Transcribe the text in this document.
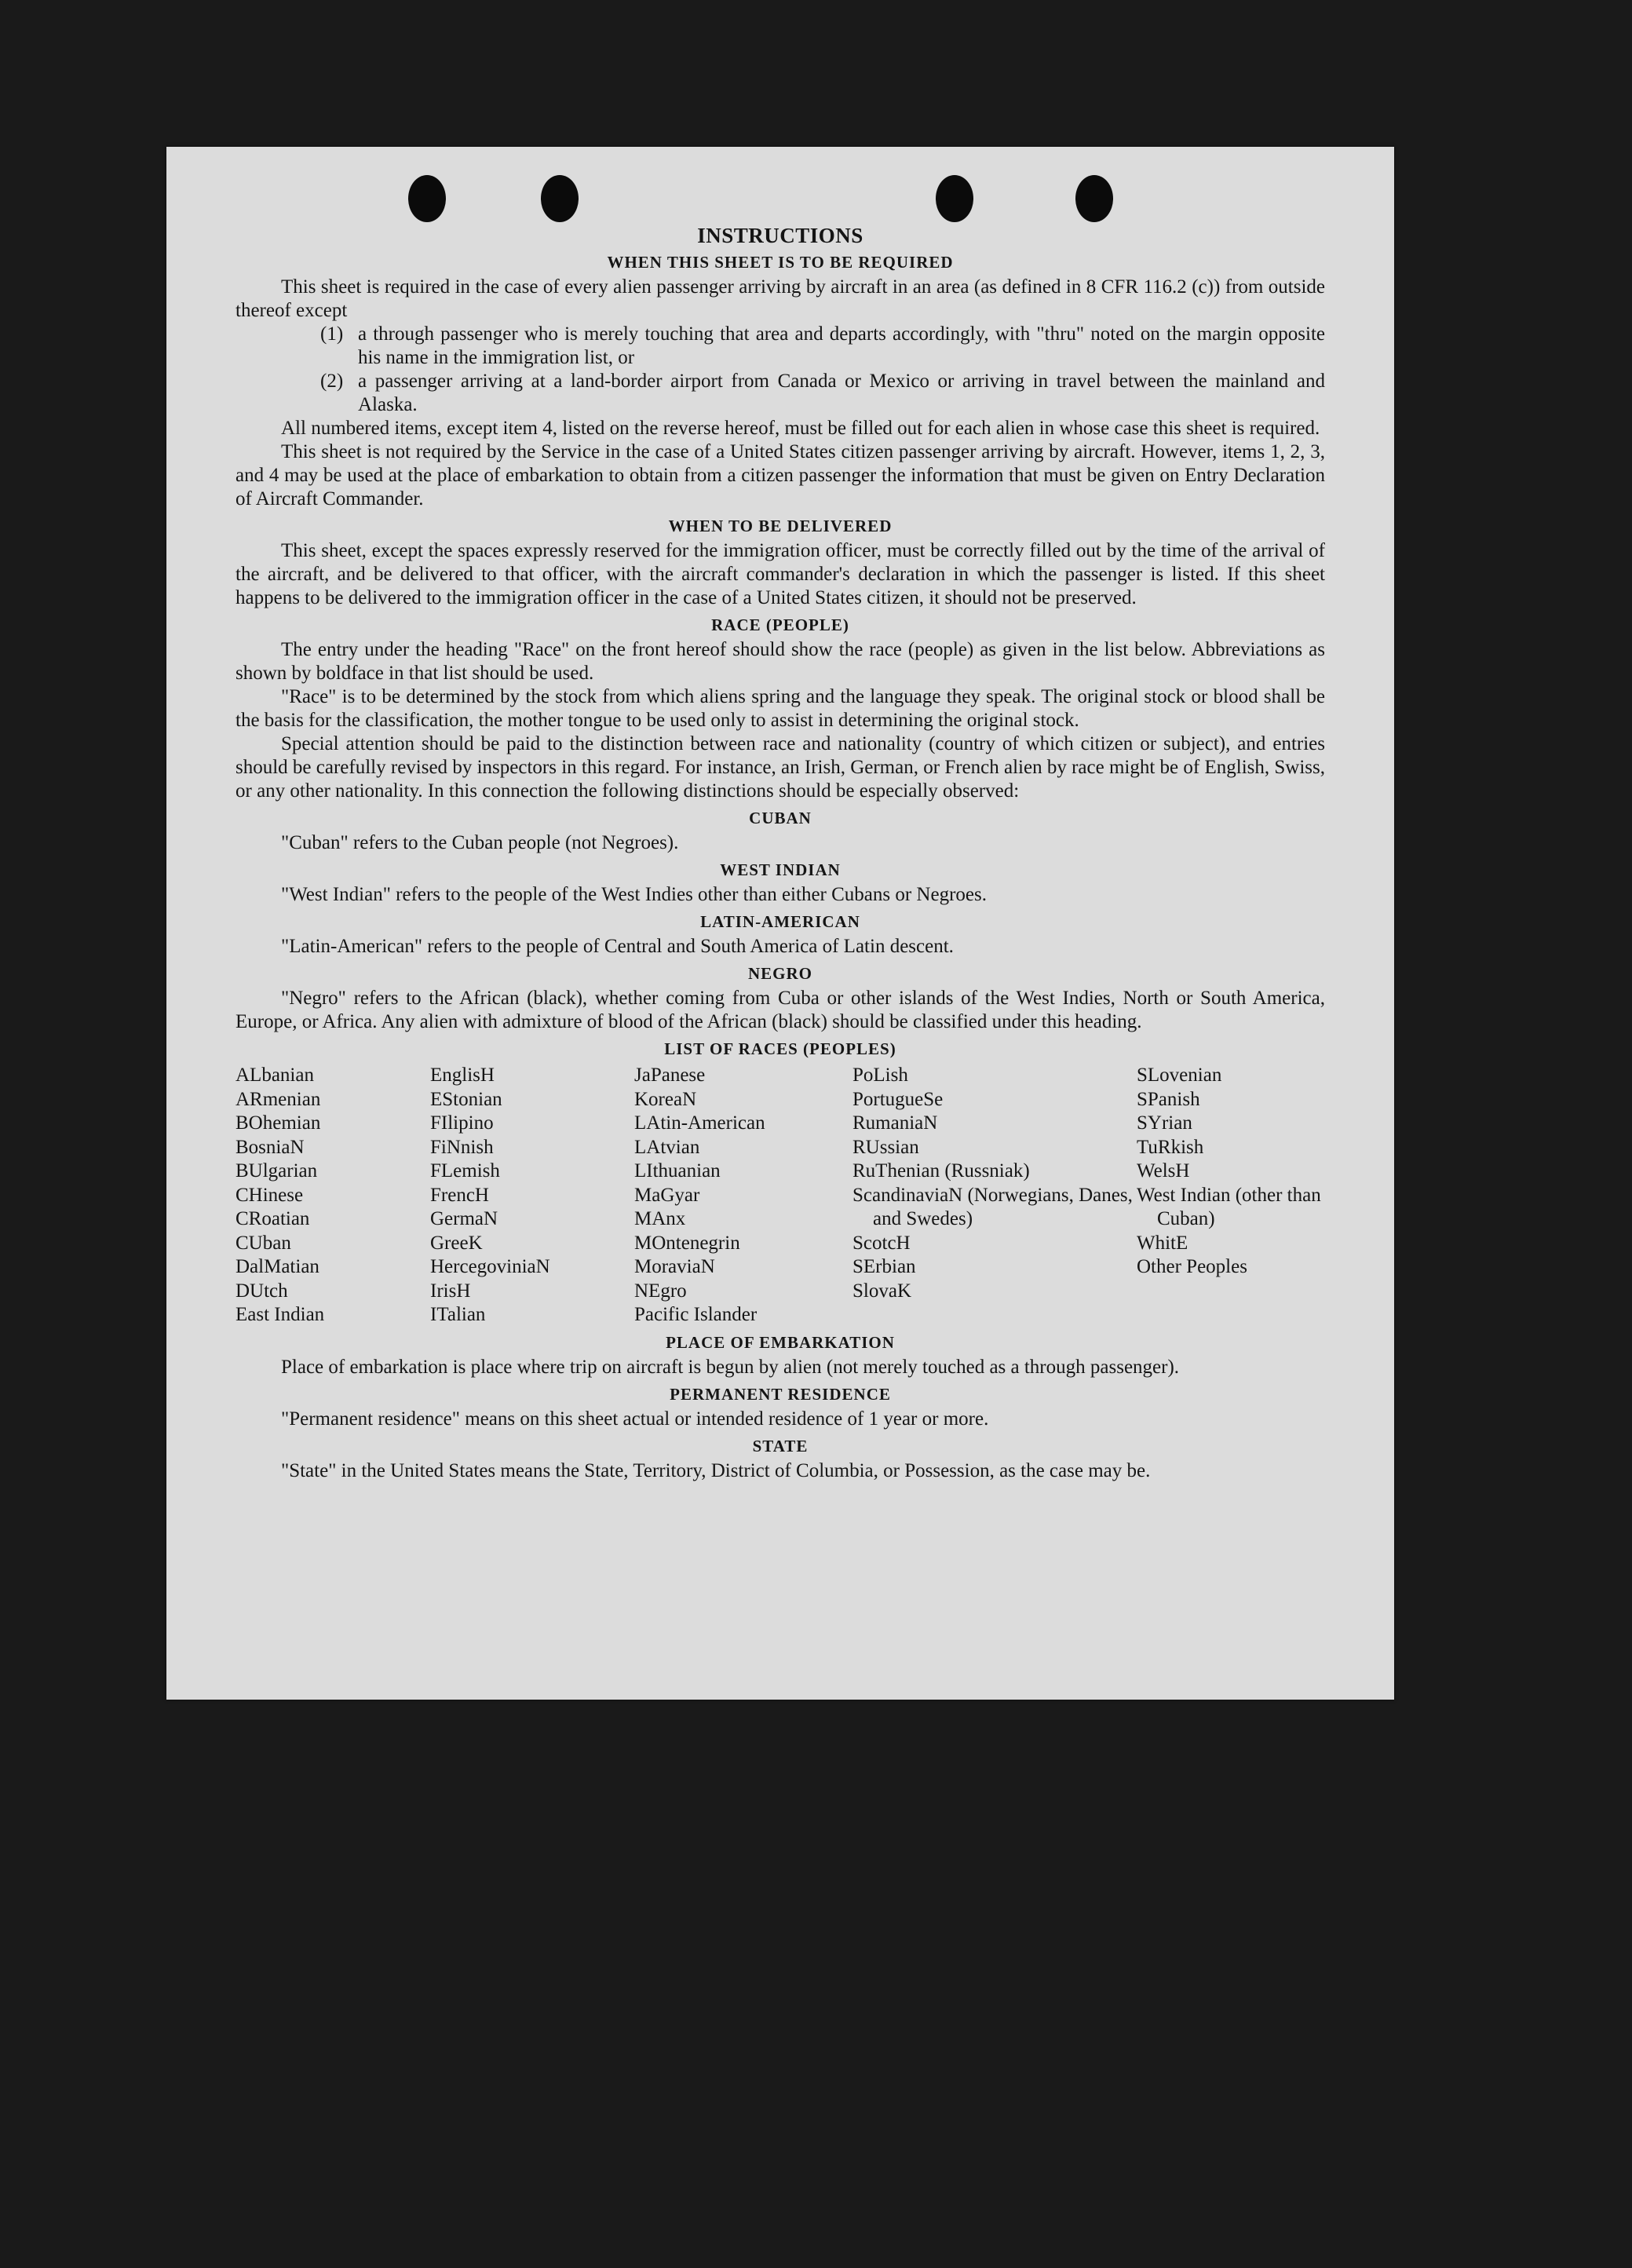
INSTRUCTIONS
WHEN THIS SHEET IS TO BE REQUIRED

This sheet is required in the case of every alien passenger arriving by aircraft in an area (as defined in 8 CFR 116.2 (c)) from outside thereof except

(1) a through passenger who is merely touching that area and departs accordingly, with "thru" noted on the margin opposite his name in the immigration list, or
(2) a passenger arriving at a land-border airport from Canada or Mexico or arriving in travel between the mainland and Alaska.

All numbered items, except item 4, listed on the reverse hereof, must be filled out for each alien in whose case this sheet is required.

This sheet is not required by the Service in the case of a United States citizen passenger arriving by aircraft. However, items 1, 2, 3, and 4 may be used at the place of embarkation to obtain from a citizen passenger the information that must be given on Entry Declaration of Aircraft Commander.

WHEN TO BE DELIVERED

This sheet, except the spaces expressly reserved for the immigration officer, must be correctly filled out by the time of the arrival of the aircraft, and be delivered to that officer, with the aircraft commander's declaration in which the passenger is listed. If this sheet happens to be delivered to the immigration officer in the case of a United States citizen, it should not be preserved.

RACE (PEOPLE)

The entry under the heading "Race" on the front hereof should show the race (people) as given in the list below. Abbreviations as shown by boldface in that list should be used.

"Race" is to be determined by the stock from which aliens spring and the language they speak. The original stock or blood shall be the basis for the classification, the mother tongue to be used only to assist in determining the original stock.

Special attention should be paid to the distinction between race and nationality (country of which citizen or subject), and entries should be carefully revised by inspectors in this regard. For instance, an Irish, German, or French alien by race might be of English, Swiss, or any other nationality. In this connection the following distinctions should be especially observed:

CUBAN
"Cuban" refers to the Cuban people (not Negroes).
WEST INDIAN
"West Indian" refers to the people of the West Indies other than either Cubans or Negroes.
LATIN-AMERICAN
"Latin-American" refers to the people of Central and South America of Latin descent.
NEGRO

"Negro" refers to the African (black), whether coming from Cuba or other islands of the West Indies, North or South America, Europe, or Africa. Any alien with admixture of blood of the African (black) should be classified under this heading.

LIST OF RACES (PEOPLES)
ALbanian
ARmenian
BOhemian
BosniaN
BUlgarian
CHinese
CRoatian
CUban
DalMatian
DUtch
East Indian
EnglisH
EStonian
FIlipino
FiNnish
FLemish
FrencH
GermaN
GreeK
HercegoviniaN
IrisH
ITalian
JaPanese
KoreaN
LAtin-American
LAtvian
LIthuanian
MaGyar
MAnx
MOntenegrin
MoraviaN
NEgro
Pacific Islander
PoLish
PortugueSe
RumaniaN
RUssian
RuThenian (Russniak)
ScandinaviaN (Norwegians, Danes, and Swedes)
ScotcH
SErbian
SlovaK
SLovenian
SPanish
SYrian
TuRkish
WelsH
West Indian (other than Cuban)
WhitE
Other Peoples
PLACE OF EMBARKATION

Place of embarkation is place where trip on aircraft is begun by alien (not merely touched as a through passenger).

PERMANENT RESIDENCE
"Permanent residence" means on this sheet actual or intended residence of 1 year or more.
STATE

"State" in the United States means the State, Territory, District of Columbia, or Possession, as the case may be.
